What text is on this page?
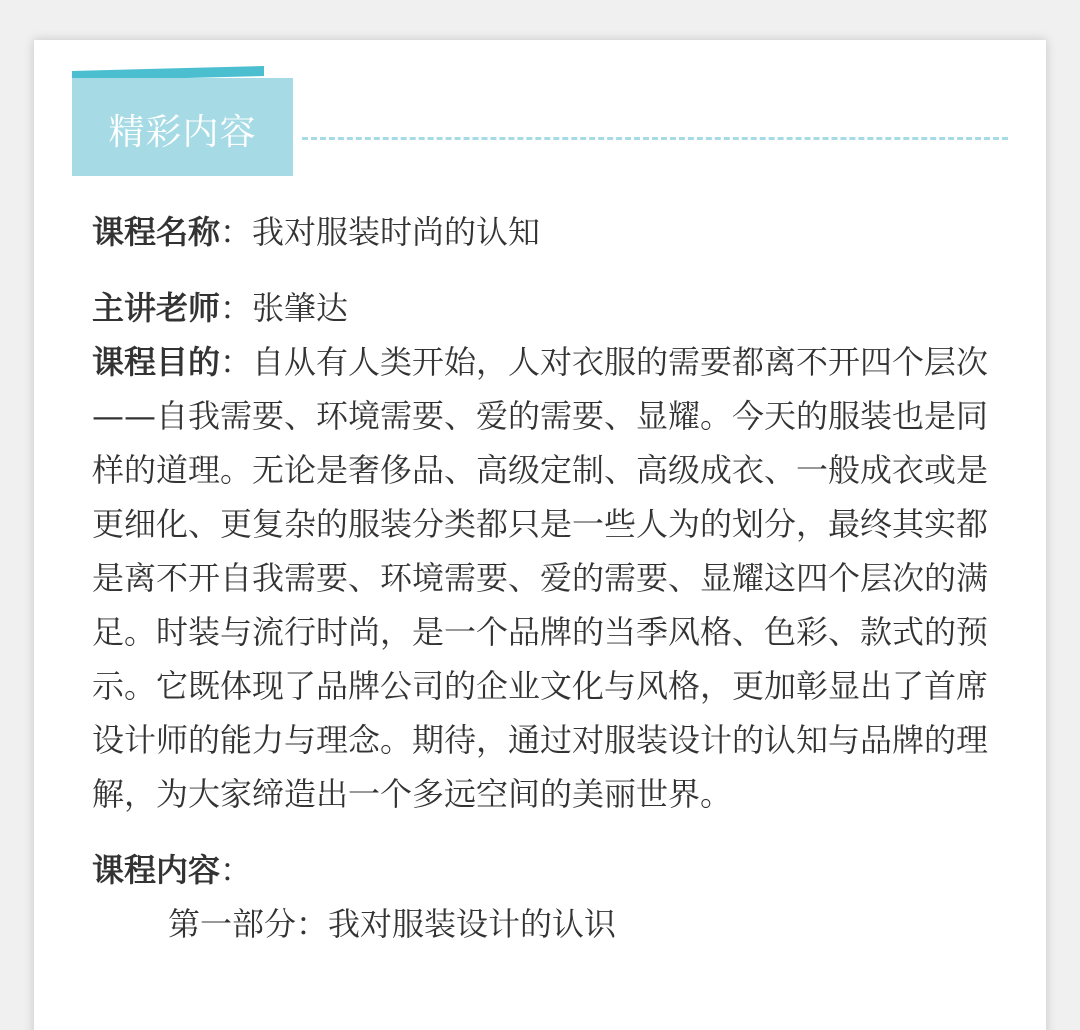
精彩内容
课程名称：我对服装时尚的认知
主讲老师：张肇达
课程目的：自从有人类开始，人对衣服的需要都离不开四个层次——自我需要、环境需要、爱的需要、显耀。今天的服装也是同样的道理。无论是奢侈品、高级定制、高级成衣、一般成衣或是更细化、更复杂的服装分类都只是一些人为的划分，最终其实都是离不开自我需要、环境需要、爱的需要、显耀这四个层次的满足。时装与流行时尚，是一个品牌的当季风格、色彩、款式的预示。它既体现了品牌公司的企业文化与风格，更加彰显出了首席设计师的能力与理念。期待，通过对服装设计的认知与品牌的理解，为大家缔造出一个多远空间的美丽世界。
课程内容：
第一部分：我对服装设计的认识
